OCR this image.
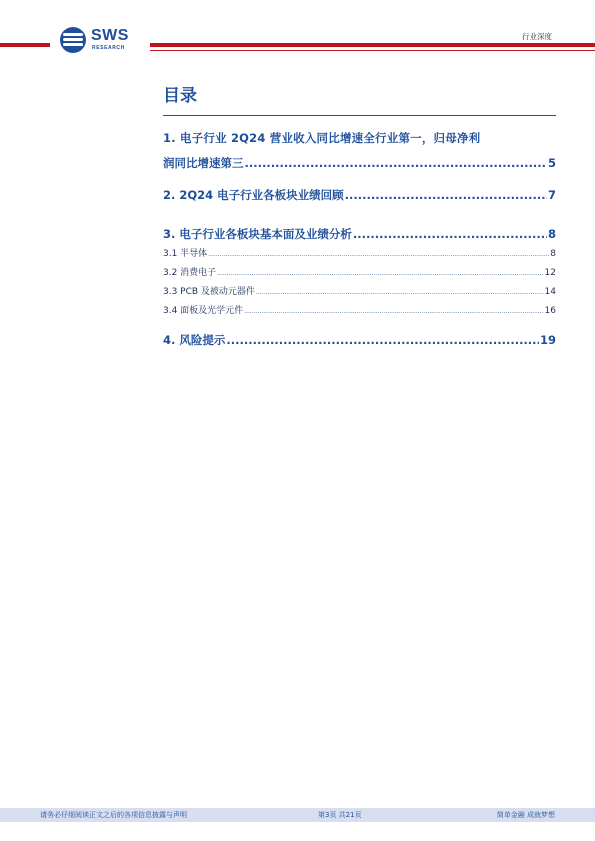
SWS
RESEARCH
行业深度
目录
1. 电子行业 2Q24 营业收入同比增速全行业第一，归母净利
润同比增速第三 .....	5
2. 2Q24 电子行业各板块业绩回顾 .....	7
3. 电子行业各板块基本面及业绩分析 .....	8
3.1 半导体 .....	8
3.2 消费电子 .....	12
3.3 PCB 及被动元器件 .....	14
3.4 面板及光学元件 .....	16
4. 风险提示 .....	19
请务必仔细阅读正文之后的各项信息披露与声明	第3页 共21页	简单金融 成就梦想
